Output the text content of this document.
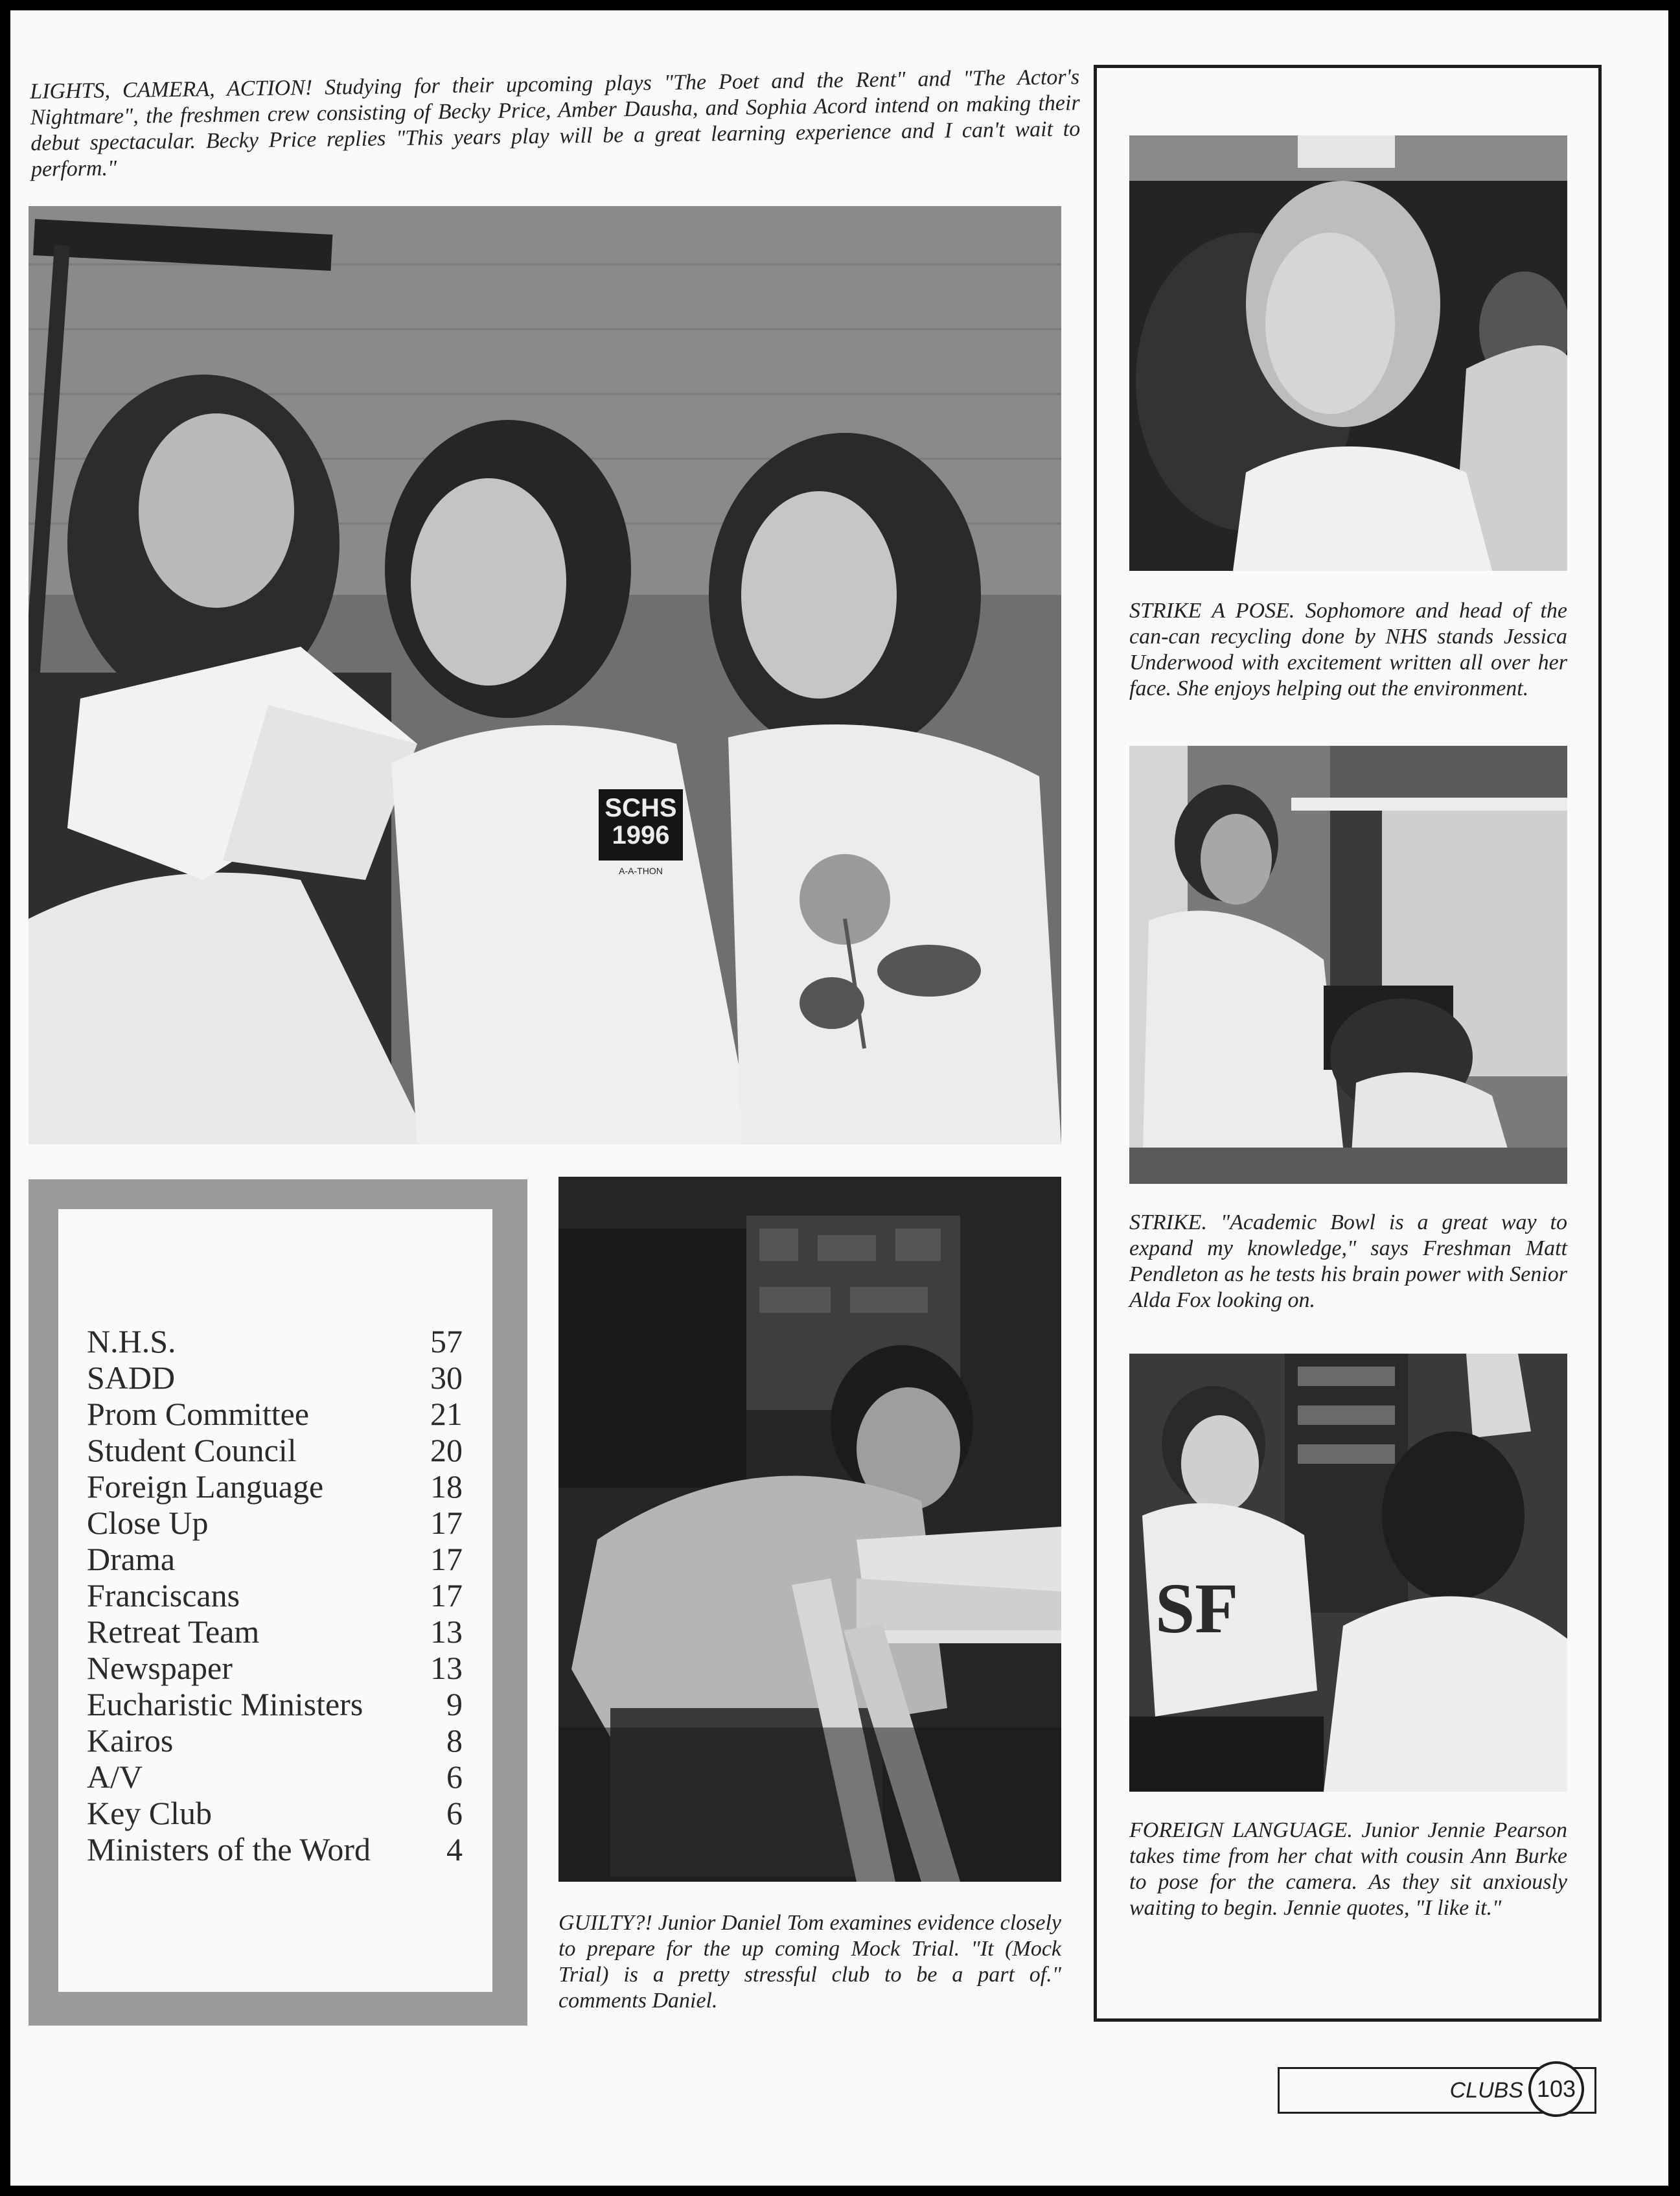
LIGHTS, CAMERA, ACTION! Studying for their upcoming plays "The Poet and the Rent" and "The Actor's Nightmare", the freshmen crew consisting of Becky Price, Amber Dausha, and Sophia Acord intend on making their debut spectacular. Becky Price replies "This years play will be a great learning experience and I can't wait to perform."
SCHS 1996
A-A-THON
N.H.S.	57
SADD	30
Prom Committee	21
Student Council	20
Foreign Language	18
Close Up	17
Drama	17
Franciscans	17
Retreat Team	13
Newspaper	13
Eucharistic Ministers	9
Kairos	8
A/V	6
Key Club	6
Ministers of the Word 4
GUILTY?! Junior Daniel Tom examines evidence closely to prepare for the up coming Mock Trial. "It (Mock Trial) is a pretty stressful club to be a part of." comments Daniel.
STRIKE A POSE. Sophomore and head of the can-can recycling done by NHS stands Jessica Underwood with excitement written all over her face. She enjoys helping out the environment.
STRIKE. "Academic Bowl is a great way to expand my knowledge," says Freshman Matt Pendleton as he tests his brain power with Senior Alda Fox looking on.
SF
FOREIGN LANGUAGE. Junior Jennie Pearson takes time from her chat with cousin Ann Burke to pose for the camera. As they sit anxiously waiting to begin. Jennie quotes, "I like it."
CLUBS 103
